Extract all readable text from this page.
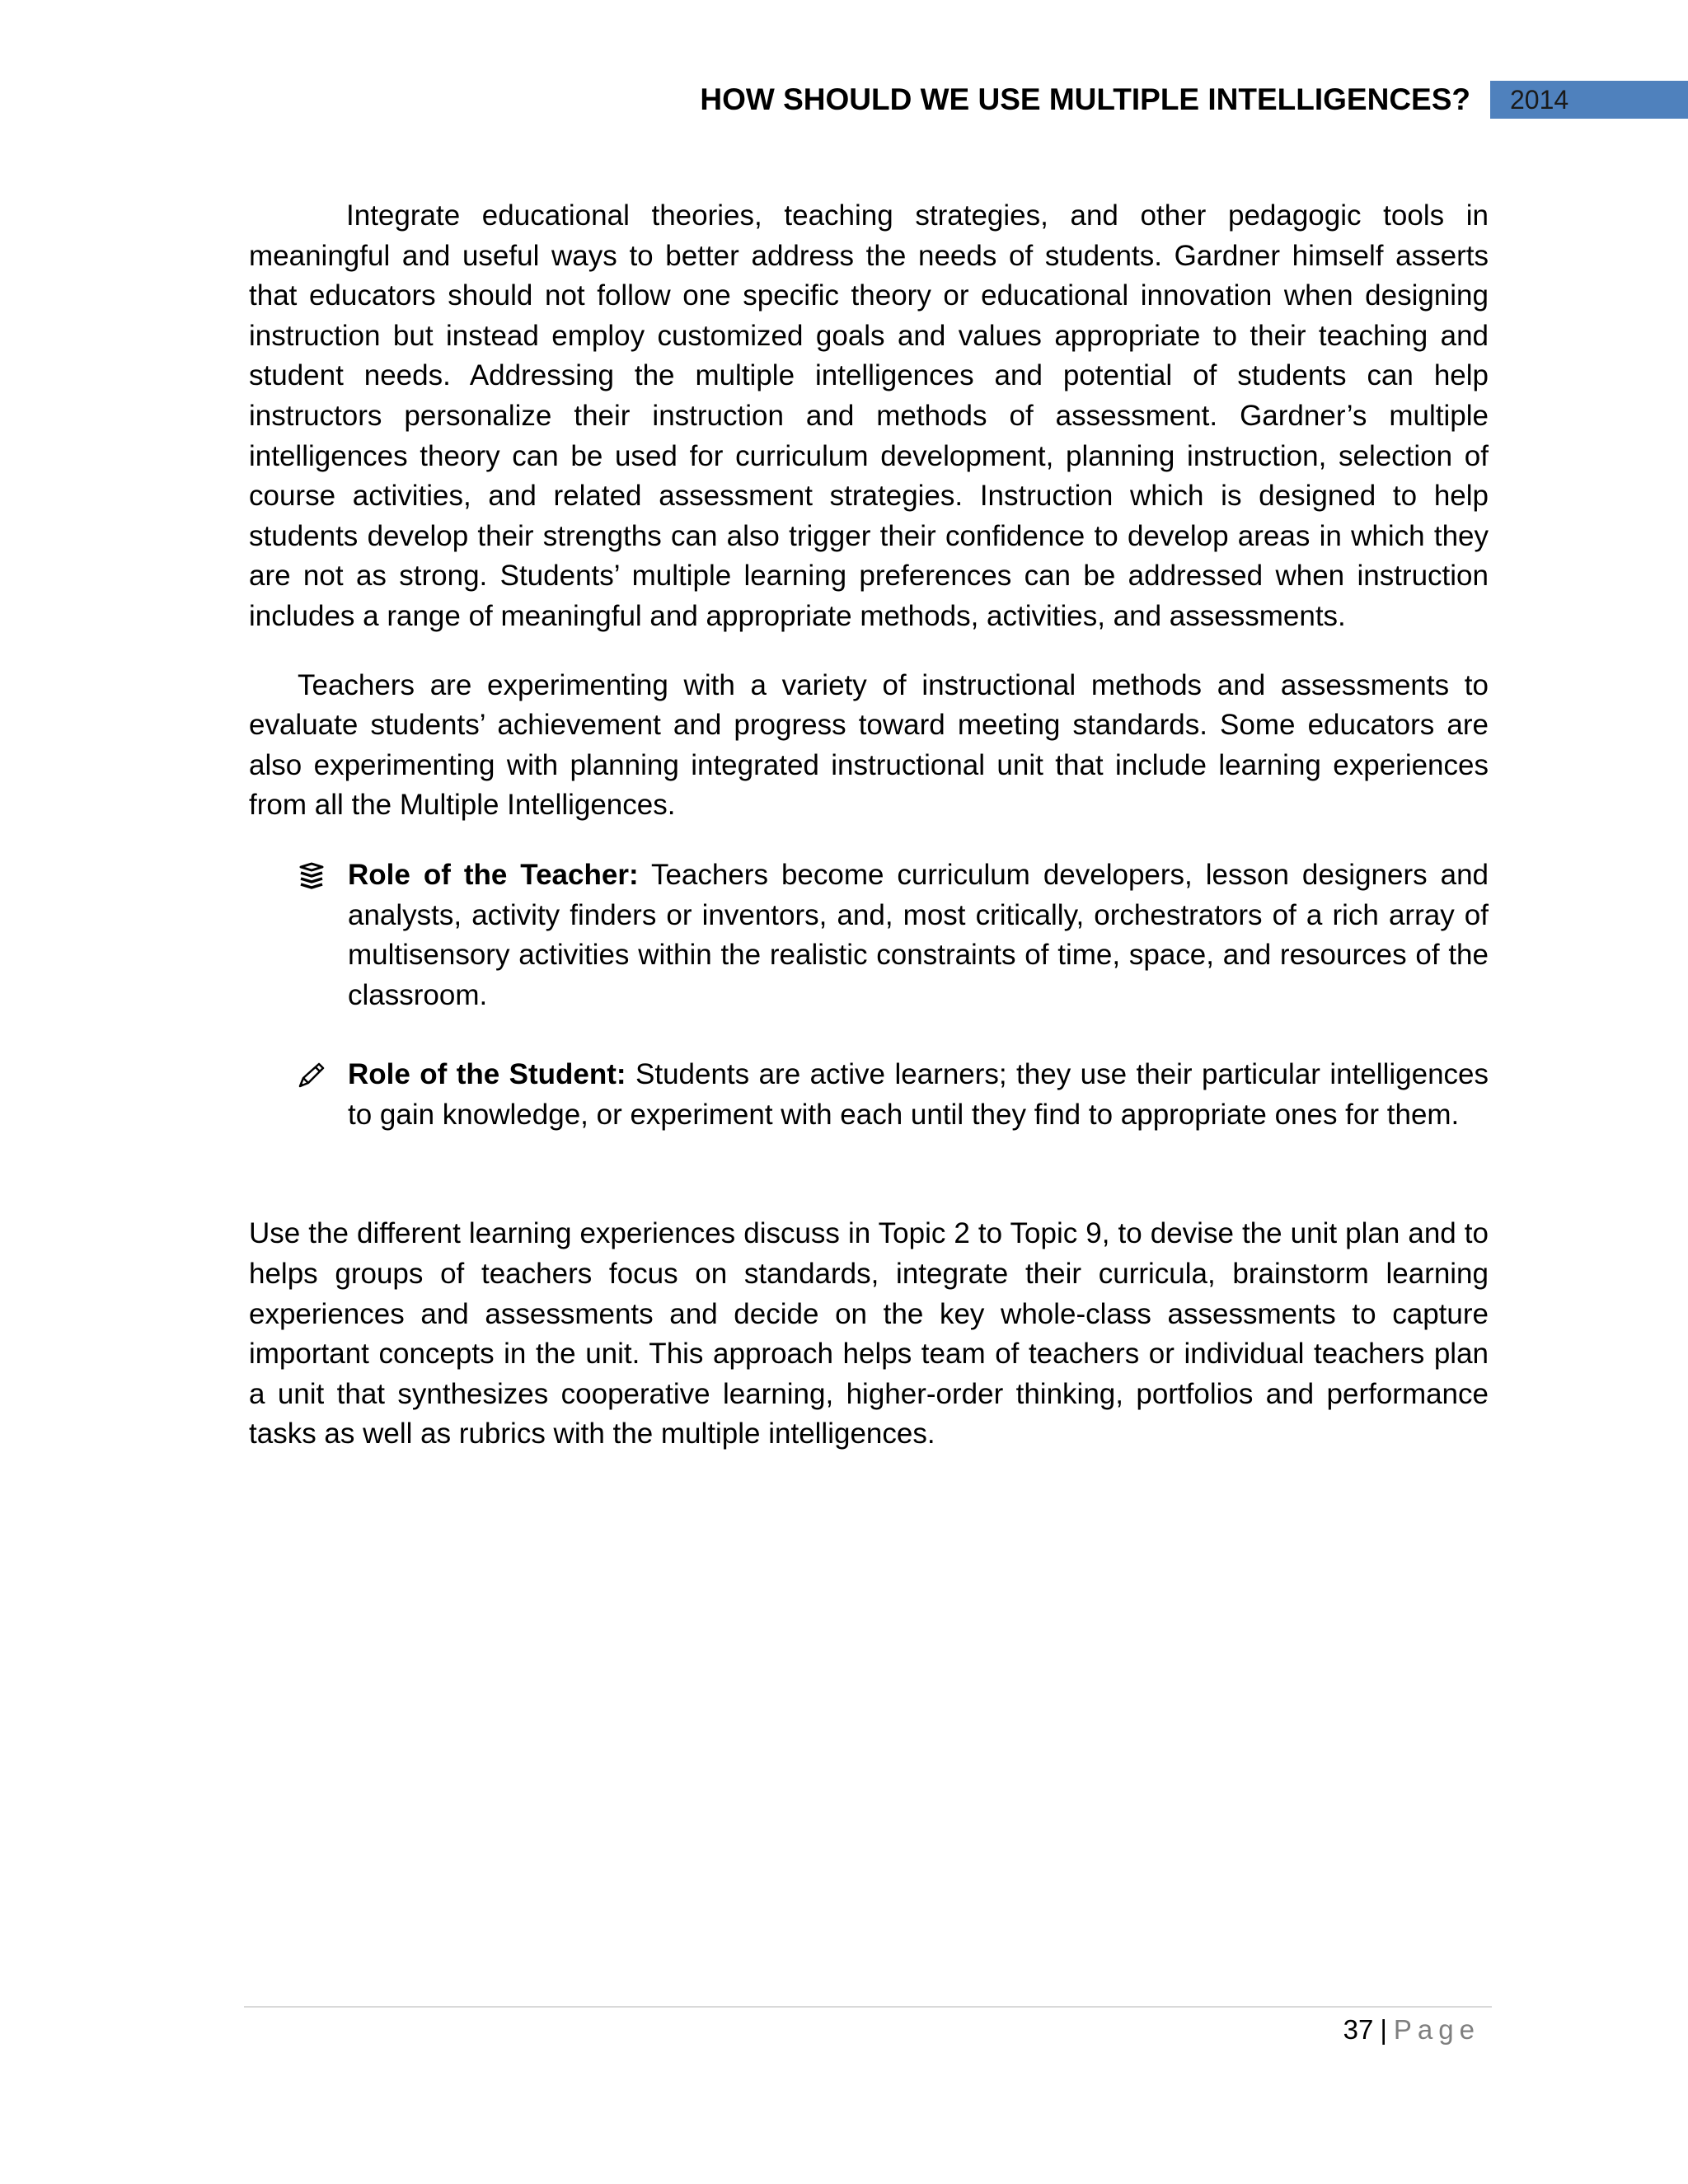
HOW SHOULD WE USE MULTIPLE INTELLIGENCES?	2014

Integrate educational theories, teaching strategies, and other pedagogic tools in meaningful and useful ways to better address the needs of students. Gardner himself asserts that educators should not follow one specific theory or educational innovation when designing instruction but instead employ customized goals and values appropriate to their teaching and student needs. Addressing the multiple intelligences and potential of students can help instructors personalize their instruction and methods of assessment. Gardner’s multiple intelligences theory can be used for curriculum development, planning instruction, selection of course activities, and related assessment strategies. Instruction which is designed to help students develop their strengths can also trigger their confidence to develop areas in which they are not as strong. Students’ multiple learning preferences can be addressed when instruction includes a range of meaningful and appropriate methods, activities, and assessments.

Teachers are experimenting with a variety of instructional methods and assessments to evaluate students’ achievement and progress toward meeting standards. Some educators are also experimenting with planning integrated instructional unit that include learning experiences from all the Multiple Intelligences.

Role of the Teacher: Teachers become curriculum developers, lesson designers and analysts, activity finders or inventors, and, most critically, orchestrators of a rich array of multisensory activities within the realistic constraints of time, space, and resources of the classroom.
Role of the Student: Students are active learners; they use their particular intelligences to gain knowledge, or experiment with each until they find to appropriate ones for them.

Use the different learning experiences discuss in Topic 2 to Topic 9, to devise the unit plan and to helps groups of teachers focus on standards, integrate their curricula, brainstorm learning experiences and assessments and decide on the key whole-class assessments to capture important concepts in the unit. This approach helps team of teachers or individual teachers plan a unit that synthesizes cooperative learning, higher-order thinking, portfolios and performance tasks as well as rubrics with the multiple intelligences.

37 | Page
